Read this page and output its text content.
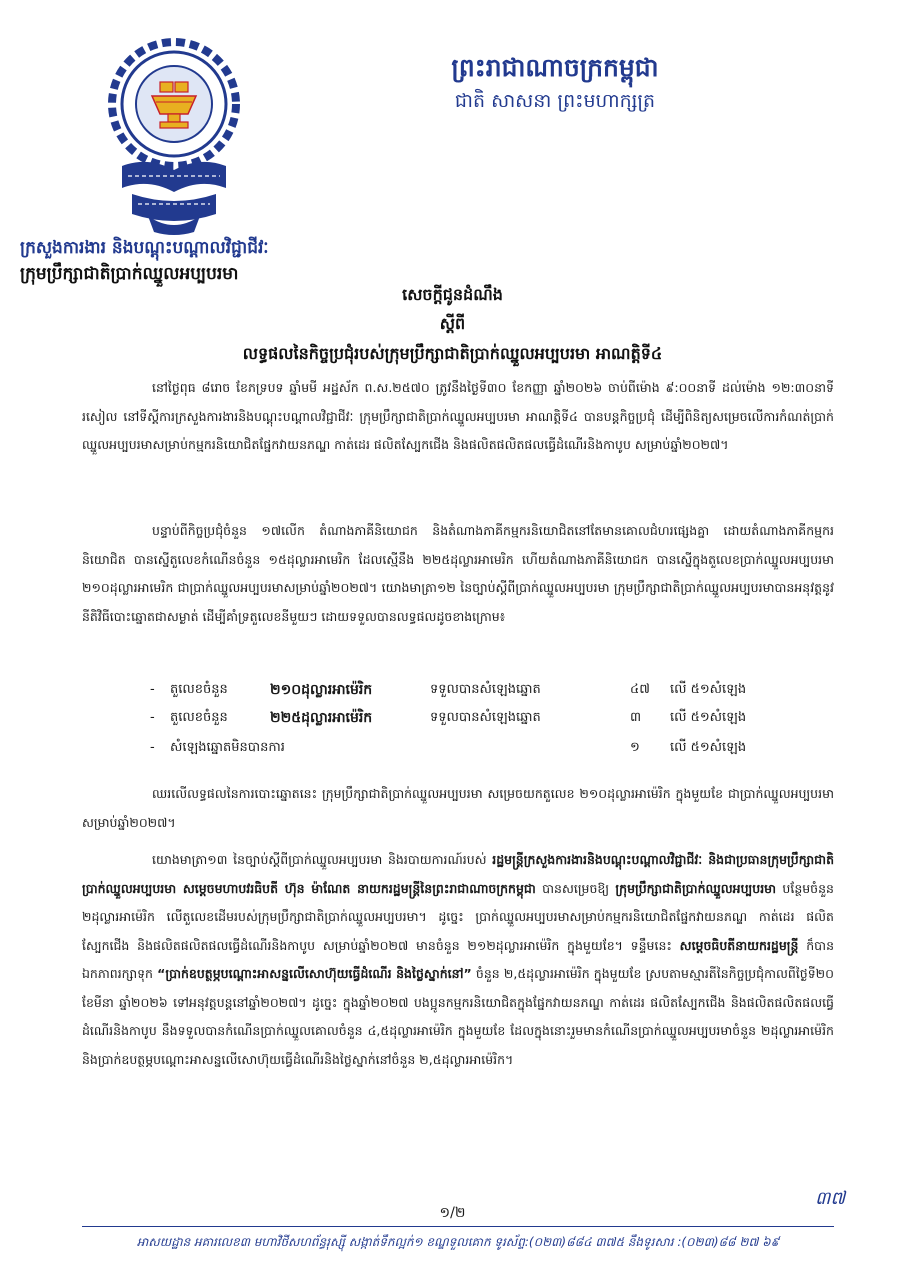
ព្រះរាជាណាចក្រកម្ពុជា
ជាតិ សាសនា ព្រះមហាក្សត្រ
ក្រសួងការងារ និងបណ្តុះបណ្តាលវិជ្ជាជីវៈ
ក្រុមប្រឹក្សាជាតិប្រាក់ឈ្នួលអប្បបរមា
សេចក្តីជូនដំណឹង
ស្តីពី
លទ្ធផលនៃកិច្ចប្រជុំរបស់ក្រុមប្រឹក្សាជាតិប្រាក់ឈ្នួលអប្បបរមា អាណត្តិទី៤

នៅថ្ងៃពុធ ៨រោច ខែភទ្របទ ឆ្នាំមមី អដ្ឋស័ក ព.ស.២៥៧០ ត្រូវនឹងថ្ងៃទី៣០ ខែកញ្ញា ឆ្នាំ២០២៦ ចាប់ពីម៉ោង ៩:០០នាទី ដល់ម៉ោង ១២:៣០នាទីរសៀល នៅទីស្តីការក្រសួងការងារនិងបណ្តុះបណ្តាលវិជ្ជាជីវៈ ក្រុមប្រឹក្សាជាតិប្រាក់ឈ្នួលអប្បបរមា អាណត្តិទី៤ បានបន្តកិច្ចប្រជុំ ដើម្បីពិនិត្យសម្រេចលើការកំណត់ប្រាក់ឈ្នួលអប្បបរមាសម្រាប់កម្មករនិយោជិតផ្នែកវាយនភណ្ឌ កាត់ដេរ ផលិតស្បែកជើង និងផលិតផលិតផលធ្វើដំណើរនិងកាបូប សម្រាប់ឆ្នាំ២០២៧។

បន្ទាប់ពីកិច្ចប្រជុំចំនួន ១៧លើក តំណាងភាគីនិយោជក និងតំណាងភាគីកម្មករនិយោជិតនៅតែមានគោលជំហរផ្សេងគ្នា ដោយតំណាងភាគីកម្មករនិយោជិត បានស្នើតួលេខកំណើនចំនួន ១៥ដុល្លារអាមេរិក ដែលស្មើនឹង ២២៥ដុល្លារអាមេរិក ហើយតំណាងភាគីនិយោជក បានស្នើក្នុងតួលេខប្រាក់ឈ្នួលអប្បបរមា ២១០ដុល្លារអាមេរិក ជាប្រាក់ឈ្នួលអប្បបរមាសម្រាប់ឆ្នាំ២០២៧។ យោងមាត្រា១២ នៃច្បាប់ស្តីពីប្រាក់ឈ្នួលអប្បបរមា ក្រុមប្រឹក្សាជាតិប្រាក់ឈ្នួលអប្បបរមាបានអនុវត្តនូវនីតិវិធីបោះឆ្នោតជាសម្ងាត់ ដើម្បីគាំទ្រតួលេខនីមួយៗ ដោយទទួលបានលទ្ធផលដូចខាងក្រោម៖

- តួលេខចំនួន	២១០ដុល្លារអាម៉េរិក	ទទួលបានសំឡេងឆ្នោត	៤៧ លើ ៥១សំឡេង
- តួលេខចំនួន	២២៥ដុល្លារអាម៉េរិក	ទទួលបានសំឡេងឆ្នោត	៣ លើ ៥១សំឡេង
- សំឡេងឆ្នោតមិនបានការ	១ លើ ៥១សំឡេង

ឈរលើលទ្ធផលនៃការបោះឆ្នោតនេះ ក្រុមប្រឹក្សាជាតិប្រាក់ឈ្នួលអប្បបរមា សម្រេចយកតួលេខ ២១០ដុល្លារអាម៉េរិក ក្នុងមួយខែ ជាប្រាក់ឈ្នួលអប្បបរមាសម្រាប់ឆ្នាំ២០២៧។

យោងមាត្រា១៣ នៃច្បាប់ស្តីពីប្រាក់ឈ្នួលអប្បបរមា និងរបាយការណ៍របស់ រដ្ឋមន្ត្រីក្រសួងការងារនិងបណ្តុះបណ្តាលវិជ្ជាជីវៈ និងជាប្រធានក្រុមប្រឹក្សាជាតិប្រាក់ឈ្នួលអប្បបរមា សម្តេចមហាបវរធិបតី ហ៊ុន ម៉ាណែត នាយករដ្ឋមន្ត្រីនៃព្រះរាជាណាចក្រកម្ពុជា បានសម្រេចឱ្យ ក្រុមប្រឹក្សាជាតិប្រាក់ឈ្នួលអប្បបរមា បន្ថែមចំនួន ២ដុល្លារអាម៉េរិក លើតួលេខដើមរបស់ក្រុមប្រឹក្សាជាតិប្រាក់ឈ្នួលអប្បបរមា។ ដូច្នេះ ប្រាក់ឈ្នួលអប្បបរមាសម្រាប់កម្មករនិយោជិតផ្នែកវាយនភណ្ឌ កាត់ដេរ ផលិតស្បែកជើង និងផលិតផលិតផលធ្វើដំណើរនិងកាបូប សម្រាប់ឆ្នាំ២០២៧ មានចំនួន ២១២ដុល្លារអាម៉េរិក ក្នុងមួយខែ។ ទន្ទឹមនេះ សម្តេចធិបតីនាយករដ្ឋមន្ត្រី ក៏បានឯកភាពរក្សាទុក “ប្រាក់ឧបត្ថម្ភបណ្តោះអាសន្នលើសោហ៊ុយធ្វើដំណើរ និងថ្លៃស្នាក់នៅ” ចំនួន ២,៥ដុល្លារអាម៉េរិក ក្នុងមួយខែ ស្របតាមស្មារតីនៃកិច្ចប្រជុំកាលពីថ្ងៃទី២០ ខែមីនា ឆ្នាំ២០២៦ ទៅអនុវត្តបន្តនៅឆ្នាំ២០២៧។ ដូច្នេះ ក្នុងឆ្នាំ២០២៧ បងប្អូនកម្មករនិយោជិតក្នុងផ្នែកវាយនភណ្ឌ កាត់ដេរ ផលិតស្បែកជើង និងផលិតផលិតផលធ្វើដំណើរនិងកាបូប នឹងទទួលបានកំណើនប្រាក់ឈ្នួលគោលចំនួន ៤,៥ដុល្លារអាម៉េរិក ក្នុងមួយខែ ដែលក្នុងនោះរួមមានកំណើនប្រាក់ឈ្នួលអប្បបរមាចំនួន ២ដុល្លារអាម៉េរិក និងប្រាក់ឧបត្ថម្ភបណ្តោះអាសន្នលើសោហ៊ុយធ្វើដំណើរនិងថ្លៃស្នាក់នៅចំនួន ២,៥ដុល្លារអាម៉េរិក។

៣៧
១/២
អាសយដ្ឋាន អគារលេខ៣ មហាវិថីសហព័ន្ធរុស្ស៊ី សង្កាត់ទឹកល្អក់១ ខណ្ឌទួលគោក ទូរស័ព្ទ:(០២៣)៨៨៤ ៣៧៥ នឹងទូរសារ :(០២៣)៨៨ ២៧ ៦៩
